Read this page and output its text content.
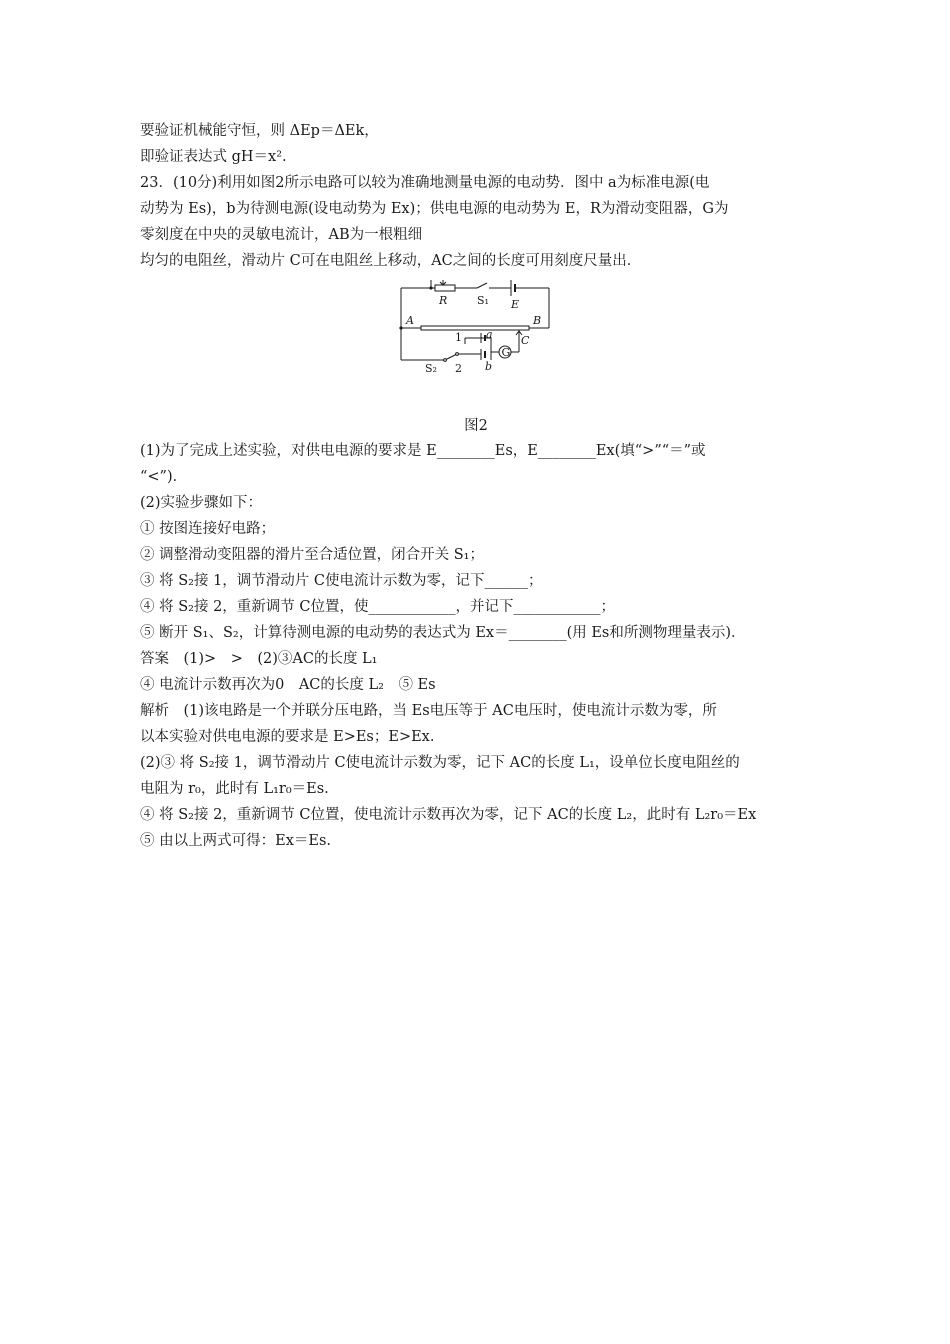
要验证机械能守恒，则 ΔEp＝ΔEk，
即验证表达式 gH＝x².
23．(10分)利用如图2所示电路可以较为准确地测量电源的电动势．图中 a为标准电源(电
动势为 Es)，b为待测电源(设电动势为 Ex)；供电电源的电动势为 E，R为滑动变阻器，G为
零刻度在中央的灵敏电流计，AB为一根粗细
均匀的电阻丝，滑动片 C可在电阻丝上移动，AC之间的长度可用刻度尺量出．
R	S₁ E
A	B
C
1 a
2 b
G
S₂
图2
(1)为了完成上述实验，对供电电源的要求是 E________Es，E________Ex(填“>”“＝”或
“<”)．
(2)实验步骤如下：
① 按图连接好电路；
② 调整滑动变阻器的滑片至合适位置，闭合开关 S₁；
③ 将 S₂接 1，调节滑动片 C使电流计示数为零，记下______；
④ 将 S₂接 2，重新调节 C位置，使____________，并记下____________；
⑤ 断开 S₁、S₂，计算待测电源的电动势的表达式为 Ex＝________(用 Es和所测物理量表示)．
答案　(1)>　>　(2)③AC的长度 L₁
④ 电流计示数再次为0　AC的长度 L₂　⑤ Es
解析　(1)该电路是一个并联分压电路，当 Es电压等于 AC电压时，使电流计示数为零，所
以本实验对供电电源的要求是 E>Es；E>Ex.
(2)③ 将 S₂接 1，调节滑动片 C使电流计示数为零，记下 AC的长度 L₁，设单位长度电阻丝的
电阻为 r₀，此时有 L₁r₀＝Es.
④ 将 S₂接 2，重新调节 C位置，使电流计示数再次为零，记下 AC的长度 L₂，此时有 L₂r₀＝Ex
⑤ 由以上两式可得：Ex＝Es.
